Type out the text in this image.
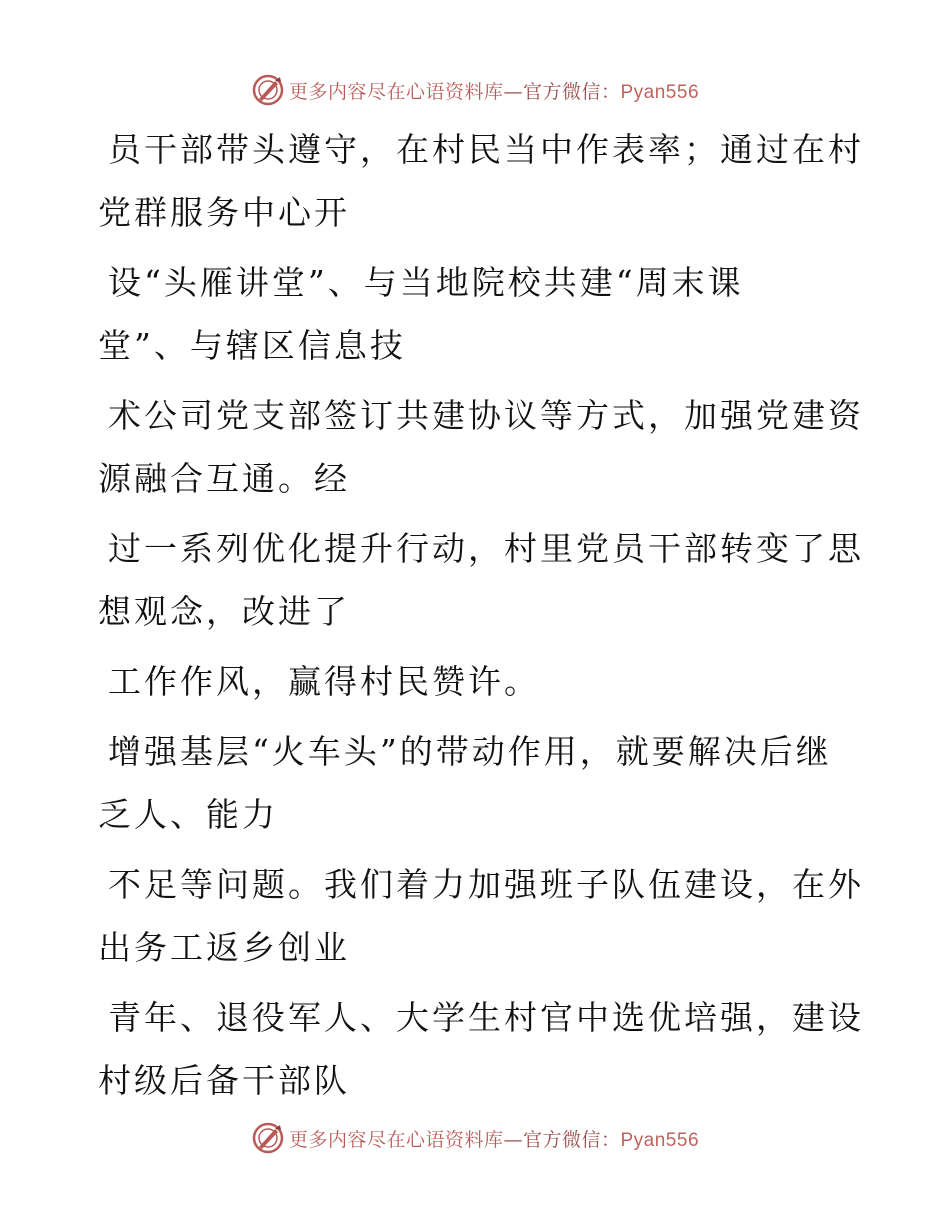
更多内容尽在心语资料库—官方微信：Pyan556

员干部带头遵守，在村民当中作表率；通过在村
党群服务中心开

设“头雁讲堂”、与当地院校共建“周末课
堂”、与辖区信息技

术公司党支部签订共建协议等方式，加强党建资
源融合互通。经

过一系列优化提升行动，村里党员干部转变了思
想观念，改进了

工作作风，赢得村民赞许。

增强基层“火车头”的带动作用，就要解决后继
乏人、能力

不足等问题。我们着力加强班子队伍建设，在外
出务工返乡创业

青年、退役军人、大学生村官中选优培强，建设
村级后备干部队

更多内容尽在心语资料库—官方微信：Pyan556
